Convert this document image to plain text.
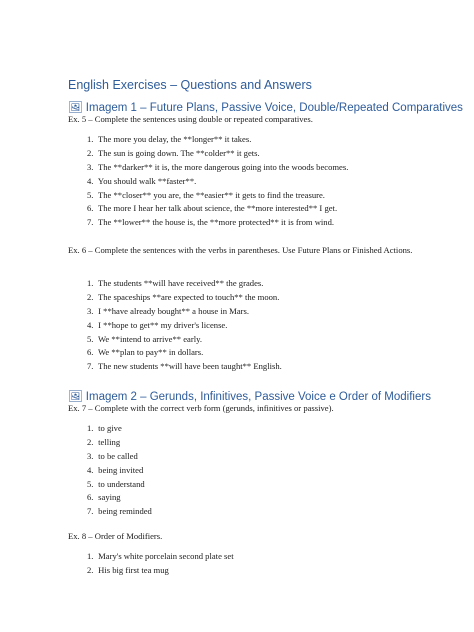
English Exercises – Questions and Answers
🖼 Imagem 1 – Future Plans, Passive Voice, Double/Repeated Comparatives
Ex. 5 – Complete the sentences using double or repeated comparatives.
1. The more you delay, the **longer** it takes.
2. The sun is going down. The **colder** it gets.
3. The **darker** it is, the more dangerous going into the woods becomes.
4. You should walk **faster**.
5. The **closer** you are, the **easier** it gets to find the treasure.
6. The more I hear her talk about science, the **more interested** I get.
7. The **lower** the house is, the **more protected** it is from wind.
Ex. 6 – Complete the sentences with the verbs in parentheses. Use Future Plans or Finished Actions.
1. The students **will have received** the grades.
2. The spaceships **are expected to touch** the moon.
3. I **have already bought** a house in Mars.
4. I **hope to get** my driver's license.
5. We **intend to arrive** early.
6. We **plan to pay** in dollars.
7. The new students **will have been taught** English.
🖼 Imagem 2 – Gerunds, Infinitives, Passive Voice e Order of Modifiers
Ex. 7 – Complete with the correct verb form (gerunds, infinitives or passive).
1. to give
2. telling
3. to be called
4. being invited
5. to understand
6. saying
7. being reminded
Ex. 8 – Order of Modifiers.
1. Mary's white porcelain second plate set
2. His big first tea mug
